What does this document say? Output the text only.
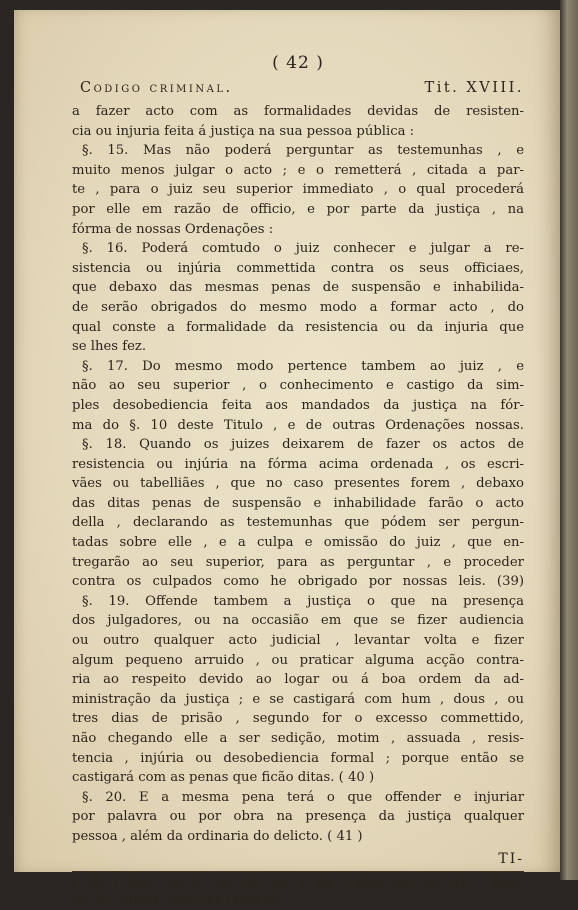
( 42 )
Codigo criminal.	Tit. XVIII.
a fazer acto com as formalidades devidas de resisten-
cia ou injuria feita á justiça na sua pessoa pública :
§. 15. Mas não poderá perguntar as testemunhas , e
muito menos julgar o acto ; e o remetterá , citada a par-
te , para o juiz seu superior immediato , o qual procederá
por elle em razão de officio, e por parte da justiça , na
fórma de nossas Ordenações :
§. 16. Poderá comtudo o juiz conhecer e julgar a re-
sistencia ou injúria commettida contra os seus officiaes,
que debaxo das mesmas penas de suspensão e inhabilida-
de serão obrigados do mesmo modo a formar acto , do
qual conste a formalidade da resistencia ou da injuria que
se lhes fez.
§. 17. Do mesmo modo pertence tambem ao juiz , e
não ao seu superior , o conhecimento e castigo da sim-
ples desobediencia feita aos mandados da justiça na fór-
ma do §. 10 deste Titulo , e de outras Ordenações nossas.
§. 18. Quando os juizes deixarem de fazer os actos de
resistencia ou injúria na fórma acima ordenada , os escri-
vães ou tabelliães , que no caso presentes forem , debaxo
das ditas penas de suspensão e inhabilidade farão o acto
della , declarando as testemunhas que pódem ser pergun-
tadas sobre elle , e a culpa e omissão do juiz , que en-
tregarão ao seu superior, para as perguntar , e proceder
contra os culpados como he obrigado por nossas leis. (39)
§. 19. Offende tambem a justiça o que na presença
dos julgadores, ou na occasião em que se fizer audiencia
ou outro qualquer acto judicial , levantar volta e fizer
algum pequeno arruido , ou praticar alguma acção contra-
ria ao respeito devido ao logar ou á boa ordem da ad-
ministração da justiça ; e se castigará com hum , dous , ou
tres dias de prisão , segundo for o excesso commettido,
não chegando elle a ser sedição, motim , assuada , resis-
tencia , injúria ou desobediencia formal ; porque então se
castigará com as penas que ficão ditas. ( 40 )
§. 20. E a mesma pena terá o que offender e injuriar
por palavra ou por obra na presença da justiça qualquer
pessoa , além da ordinaria do delicto. ( 41 )
TI-
( 39 ) Ord. liv. 5. tit. 50. pr. ( 40 ) Ord. cit. tit. 51 , Man.
tit. 75 , Affons. 104. ( 41 ) Ord. cit.
